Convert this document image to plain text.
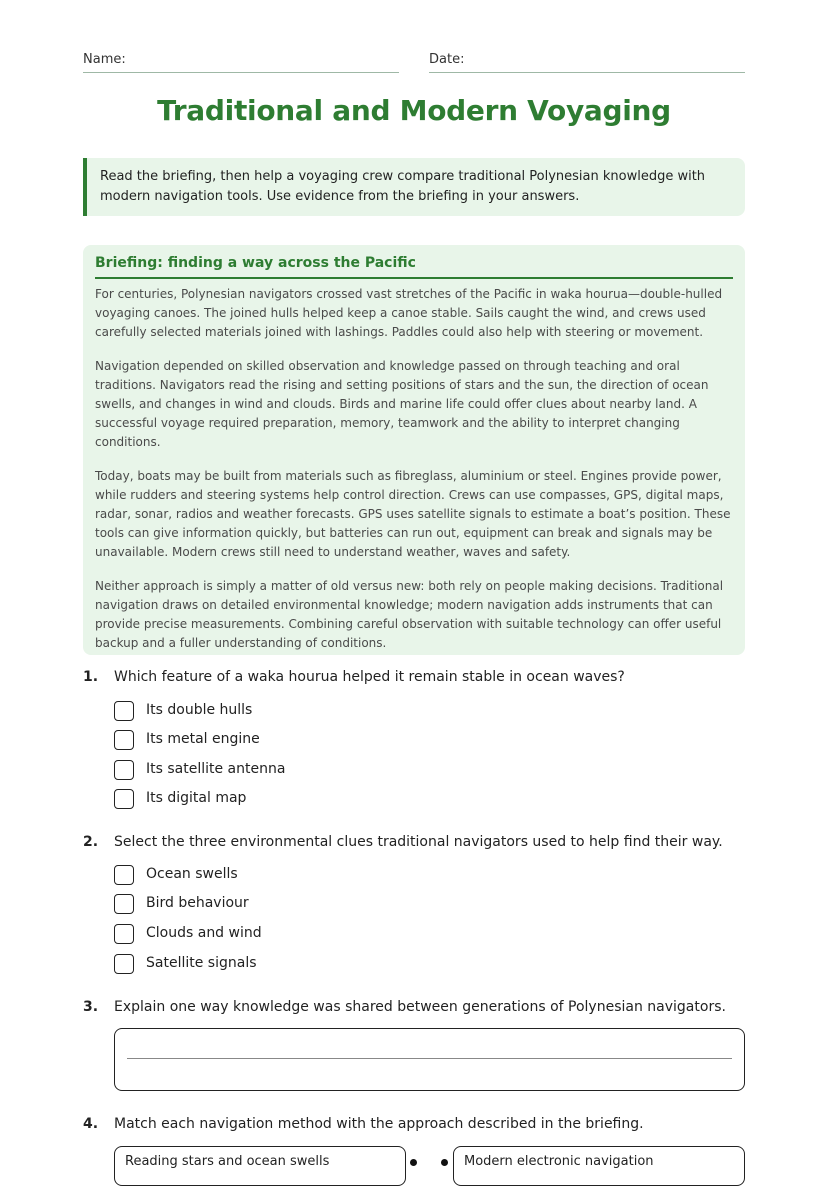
Name:	Date:
Traditional and Modern Voyaging
Read the briefing, then help a voyaging crew compare traditional Polynesian knowledge with modern navigation tools. Use evidence from the briefing in your answers.
Briefing: finding a way across the Pacific

For centuries, Polynesian navigators crossed vast stretches of the Pacific in waka hourua—double-hulled voyaging canoes. The joined hulls helped keep a canoe stable. Sails caught the wind, and crews used carefully selected materials joined with lashings. Paddles could also help with steering or movement.

Navigation depended on skilled observation and knowledge passed on through teaching and oral traditions. Navigators read the rising and setting positions of stars and the sun, the direction of ocean swells, and changes in wind and clouds. Birds and marine life could offer clues about nearby land. A successful voyage required preparation, memory, teamwork and the ability to interpret changing conditions.

Today, boats may be built from materials such as fibreglass, aluminium or steel. Engines provide power, while rudders and steering systems help control direction. Crews can use compasses, GPS, digital maps, radar, sonar, radios and weather forecasts. GPS uses satellite signals to estimate a boat’s position. These tools can give information quickly, but batteries can run out, equipment can break and signals may be unavailable. Modern crews still need to understand weather, waves and safety.

Neither approach is simply a matter of old versus new: both rely on people making decisions. Traditional navigation draws on detailed environmental knowledge; modern navigation adds instruments that can provide precise measurements. Combining careful observation with suitable technology can offer useful backup and a fuller understanding of conditions.

1. Which feature of a waka hourua helped it remain stable in ocean waves?
Its double hulls
Its metal engine
Its satellite antenna
Its digital map
2. Select the three environmental clues traditional navigators used to help find their way.
Ocean swells
Bird behaviour
Clouds and wind
Satellite signals
3. Explain one way knowledge was shared between generations of Polynesian navigators.
4. Match each navigation method with the approach described in the briefing.
Reading stars and ocean swells	Modern electronic navigation
